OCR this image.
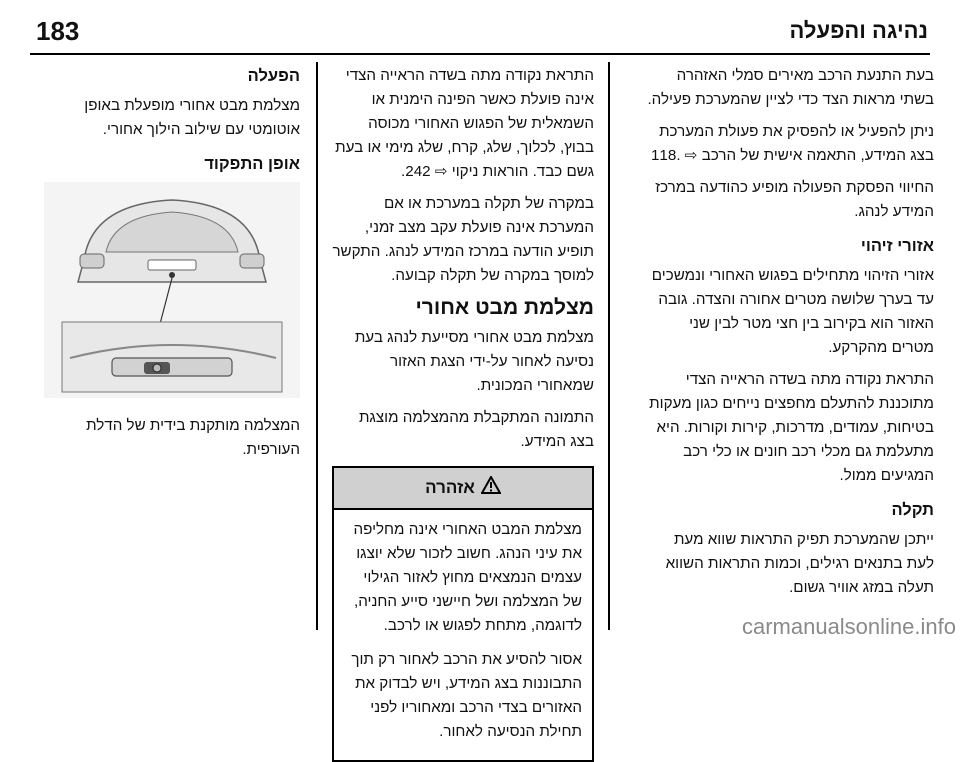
183	נהיגה והפעלה

בעת התנעת הרכב מאירים סמלי האזהרה בשתי מראות הצד כדי לציין שהמערכת פעילה.

ניתן להפעיל או להפסיק את פעולת המערכת בצג המידע, התאמה אישית של הרכב ⇨ .118

החיווי הפסקת הפעולה מופיע כהודעה במרכז המידע לנהג.

אזורי זיהוי

אזורי הזיהוי מתחילים בפגוש האחורי ונמשכים עד בערך שלושה מטרים אחורה והצדה. גובה האזור הוא בקירוב בין חצי מטר לבין שני מטרים מהקרקע.

התראת נקודה מתה בשדה הראייה הצדי מתוכננת להתעלם מחפצים נייחים כגון מעקות בטיחות, עמודים, מדרכות, קירות וקורות. היא מתעלמת גם מכלי רכב חונים או כלי רכב המגיעים ממול.

תקלה

ייתכן שהמערכת תפיק התראות שווא מעת לעת בתנאים רגילים, וכמות התראות השווא תעלה במזג אוויר גשום.

התראת נקודה מתה בשדה הראייה הצדי אינה פועלת כאשר הפינה הימנית או השמאלית של הפגוש האחורי מכוסה בבוץ, לכלוך, שלג, קרח, שלג מימי או בעת גשם כבד. הוראות ניקוי ⇨ 242.

במקרה של תקלה במערכת או אם המערכת אינה פועלת עקב מצב זמני, תופיע הודעה במרכז המידע לנהג. התקשר למוסך במקרה של תקלה קבועה.

מצלמת מבט אחורי

מצלמת מבט אחורי מסייעת לנהג בעת נסיעה לאחור על-ידי הצגת האזור שמאחורי המכונית.

התמונה המתקבלת מהמצלמה מוצגת בצג המידע.

אזהרה

מצלמת המבט האחורי אינה מחליפה את עיני הנהג. חשוב לזכור שלא יוצגו עצמים הנמצאים מחוץ לאזור הגילוי של המצלמה ושל חיישני סייע החניה, לדוגמה, מתחת לפגוש או לרכב.

אסור להסיע את הרכב לאחור רק תוך התבוננות בצג המידע, ויש לבדוק את האזורים בצדי הרכב ומאחוריו לפני תחילת הנסיעה לאחור.

הפעלה

מצלמת מבט אחורי מופעלת באופן אוטומטי עם שילוב הילוך אחורי.

אופן התפקוד

המצלמה מותקנת בידית של הדלת העורפית.

carmanualsonline.info
